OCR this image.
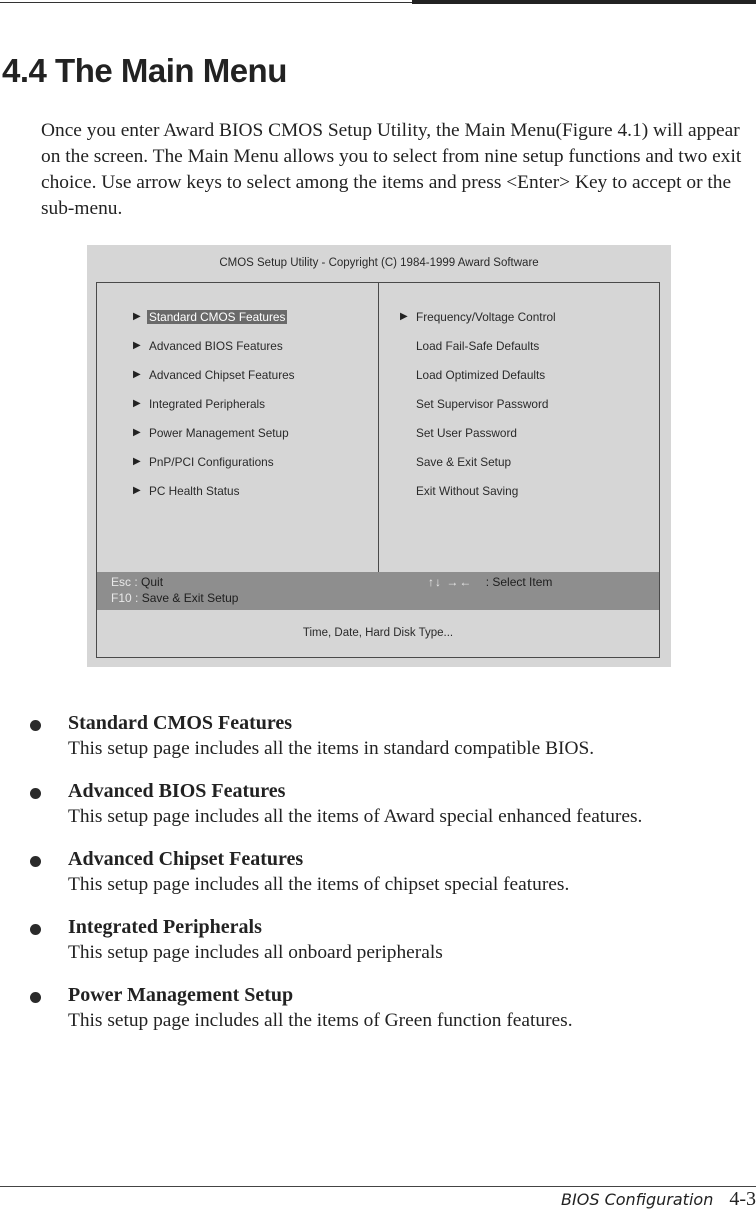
4.4 The Main Menu

Once you enter Award BIOS CMOS Setup Utility, the Main Menu(Figure 4.1) will appear on the screen. The Main Menu allows you to select from nine setup functions and two exit choice. Use arrow keys to select among the items and press <Enter> Key to accept or the sub-menu.

CMOS Setup Utility - Copyright (C) 1984-1999 Award Software
▶ Standard CMOS Features
▶ Advanced BIOS Features
▶ Advanced Chipset Features
▶ Integrated Peripherals
▶ Power Management Setup
▶ PnP/PCI Configurations
▶ PC Health Status
▶ Frequency/Voltage Control
Load Fail-Safe Defaults
Load Optimized Defaults
Set Supervisor Password
Set User Password
Save & Exit Setup
Exit Without Saving
Esc : Quit
F10 : Save & Exit Setup
↑↓ →← : Select Item
Time, Date, Hard Disk Type...
Standard CMOS Features
This setup page includes all the items in standard compatible BIOS.
Advanced BIOS Features
This setup page includes all the items of Award special enhanced features.
Advanced Chipset Features
This setup page includes all the items of chipset special features.
Integrated Peripherals
This setup page includes all onboard peripherals
Power Management Setup
This setup page includes all the items of Green function features.
BIOS Configuration 4-3
